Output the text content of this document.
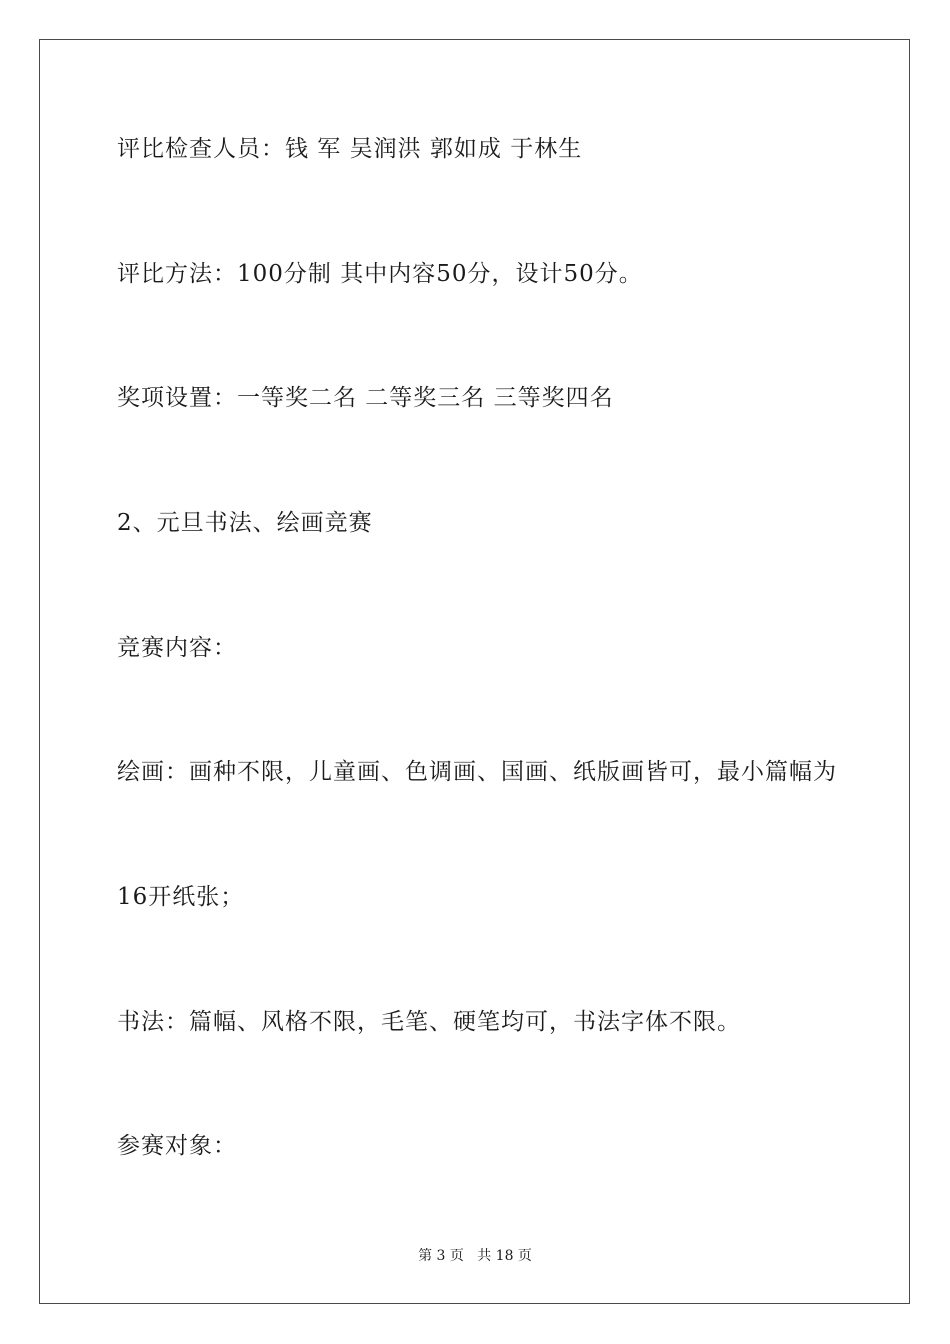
评比检查人员：钱 军 吴润洪 郭如成 于林生
评比方法：100分制 其中内容50分，设计50分。
奖项设置：一等奖二名 二等奖三名 三等奖四名
2、元旦书法、绘画竞赛
竞赛内容：
绘画：画种不限，儿童画、色调画、国画、纸版画皆可，最小篇幅为
16开纸张；
书法：篇幅、风格不限，毛笔、硬笔均可，书法字体不限。
参赛对象：
第 3 页   共 18 页
